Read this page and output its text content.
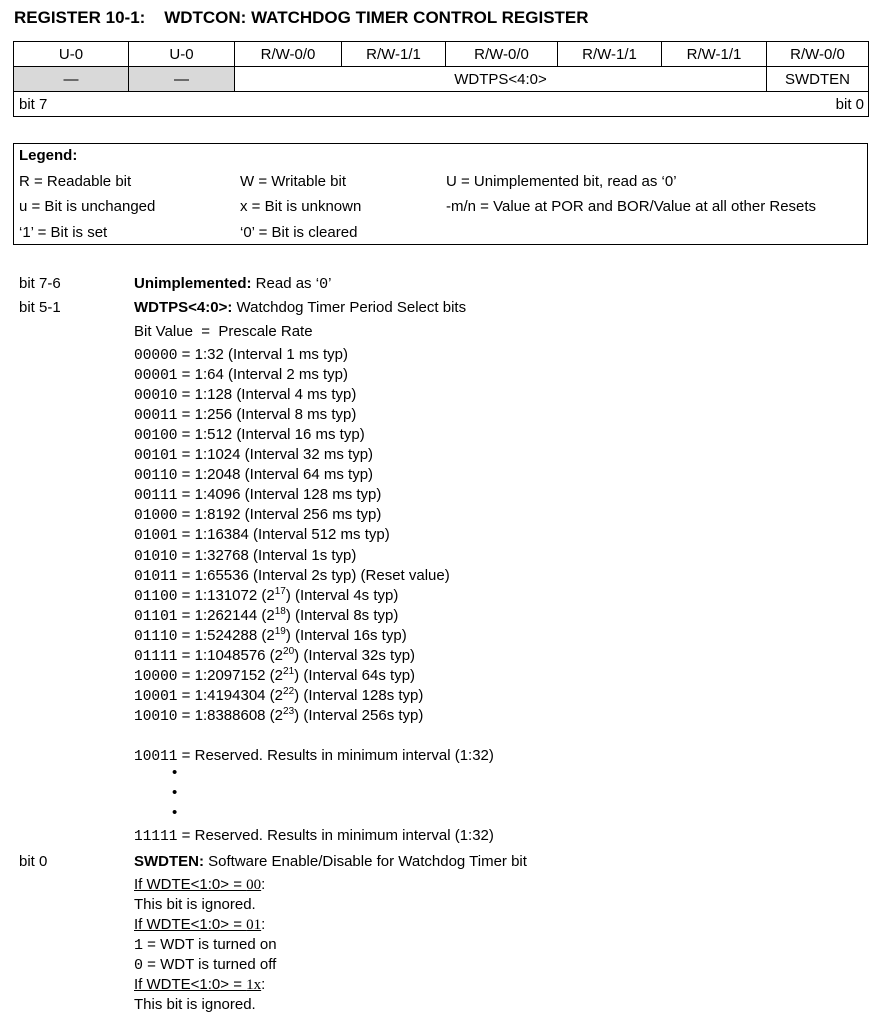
REGISTER 10-1:    WDTCON: WATCHDOG TIMER CONTROL REGISTER
U-0	U-0	R/W-0/0	R/W-1/1	R/W-0/0	R/W-1/1	R/W-1/1	R/W-0/0
—	—	WDTPS<4:0>					SWDTEN
bit 7				bit 0			
Legend:
R = Readable bit	W = Writable bit	U = Unimplemented bit, read as ‘0’
u = Bit is unchanged	x = Bit is unknown	-m/n = Value at POR and BOR/Value at all other Resets
‘1’ = Bit is set	‘0’ = Bit is cleared
bit 7-6	Unimplemented: Read as ‘0’
bit 5-1	WDTPS<4:0>: Watchdog Timer Period Select bits
Bit Value  =  Prescale Rate
00000 = 1:32 (Interval 1 ms typ)
00001 = 1:64 (Interval 2 ms typ)
00010 = 1:128 (Interval 4 ms typ)
00011 = 1:256 (Interval 8 ms typ)
00100 = 1:512 (Interval 16 ms typ)
00101 = 1:1024 (Interval 32 ms typ)
00110 = 1:2048 (Interval 64 ms typ)
00111 = 1:4096 (Interval 128 ms typ)
01000 = 1:8192 (Interval 256 ms typ)
01001 = 1:16384 (Interval 512 ms typ)
01010 = 1:32768 (Interval 1s typ)
01011 = 1:65536 (Interval 2s typ) (Reset value)
01100 = 1:131072 $(2^{17})$ (Interval 4s typ)
01101 = 1:262144 $(2^{18})$ (Interval 8s typ)
01110 = 1:524288 $(2^{19})$ (Interval 16s typ)
01111 = 1:1048576 $(2^{20})$ (Interval 32s typ)
10000 = 1:2097152 $(2^{21})$ (Interval 64s typ)
10001 = 1:4194304 $(2^{22})$ (Interval 128s typ)
10010 = 1:8388608 $(2^{23})$ (Interval 256s typ)
10011 = Reserved. Results in minimum interval (1:32)
•
•
•
11111 = Reserved. Results in minimum interval (1:32)
bit 0	SWDTEN: Software Enable/Disable for Watchdog Timer bit
If WDTE<1:0> = 00:
This bit is ignored.
If WDTE<1:0> = 01:
1 = WDT is turned on
0 = WDT is turned off
If WDTE<1:0> = 1x:
This bit is ignored.
